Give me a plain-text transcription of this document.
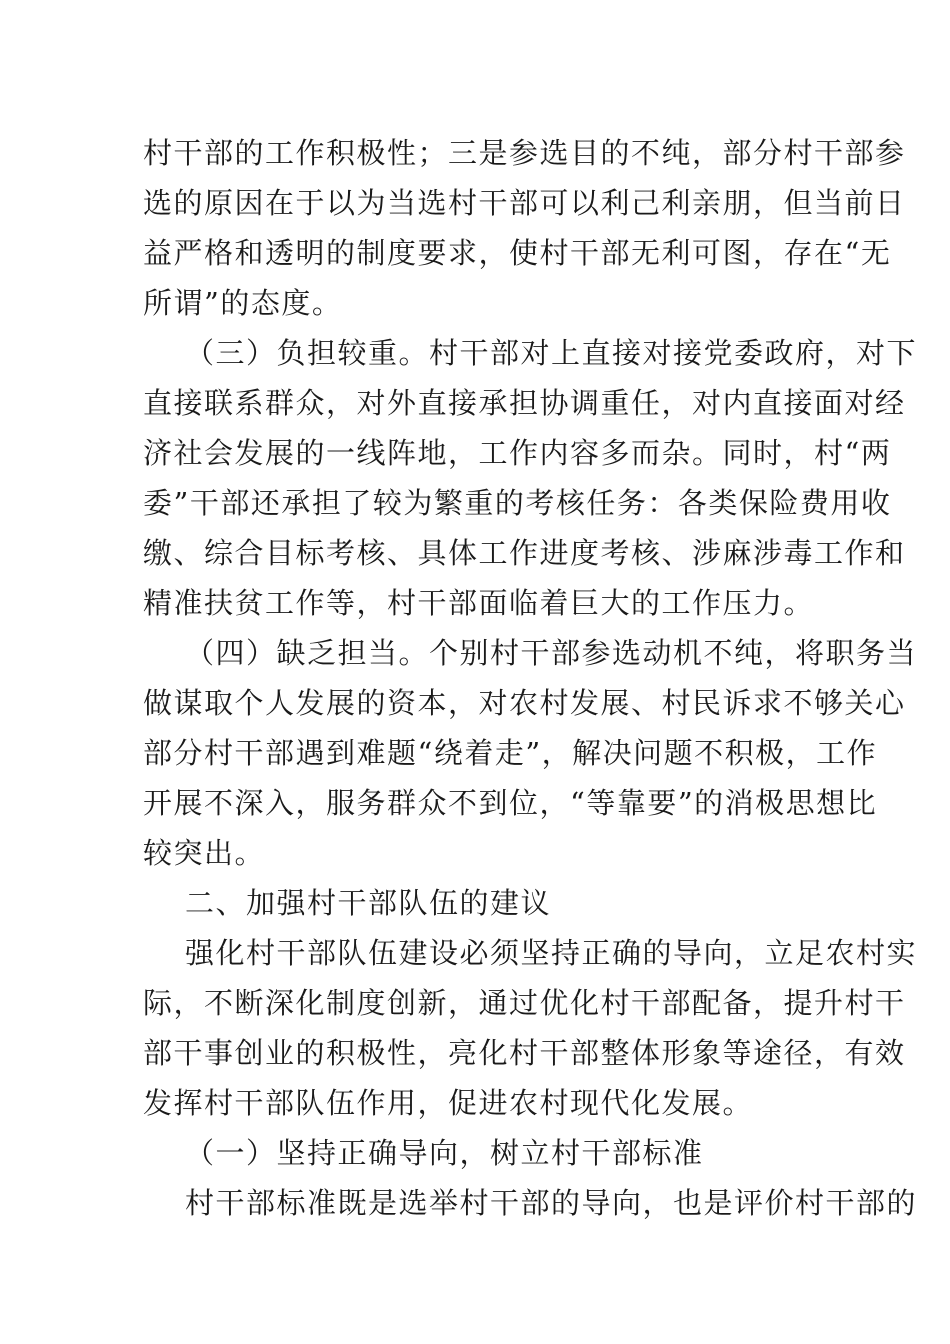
村干部的工作积极性；三是参选目的不纯，部分村干部参
选的原因在于以为当选村干部可以利己利亲朋，但当前日
益严格和透明的制度要求，使村干部无利可图，存在“无
所谓”的态度。
（三）负担较重。村干部对上直接对接党委政府，对下
直接联系群众，对外直接承担协调重任，对内直接面对经
济社会发展的一线阵地，工作内容多而杂。同时，村“两
委”干部还承担了较为繁重的考核任务：各类保险费用收
缴、综合目标考核、具体工作进度考核、涉麻涉毒工作和
精准扶贫工作等，村干部面临着巨大的工作压力。
（四）缺乏担当。个别村干部参选动机不纯，将职务当
做谋取个人发展的资本，对农村发展、村民诉求不够关心
部分村干部遇到难题“绕着走”，解决问题不积极，工作
开展不深入，服务群众不到位，“等靠要”的消极思想比
较突出。
二、加强村干部队伍的建议
强化村干部队伍建设必须坚持正确的导向，立足农村实
际，不断深化制度创新，通过优化村干部配备，提升村干
部干事创业的积极性，亮化村干部整体形象等途径，有效
发挥村干部队伍作用，促进农村现代化发展。
（一）坚持正确导向，树立村干部标准
村干部标准既是选举村干部的导向，也是评价村干部的
